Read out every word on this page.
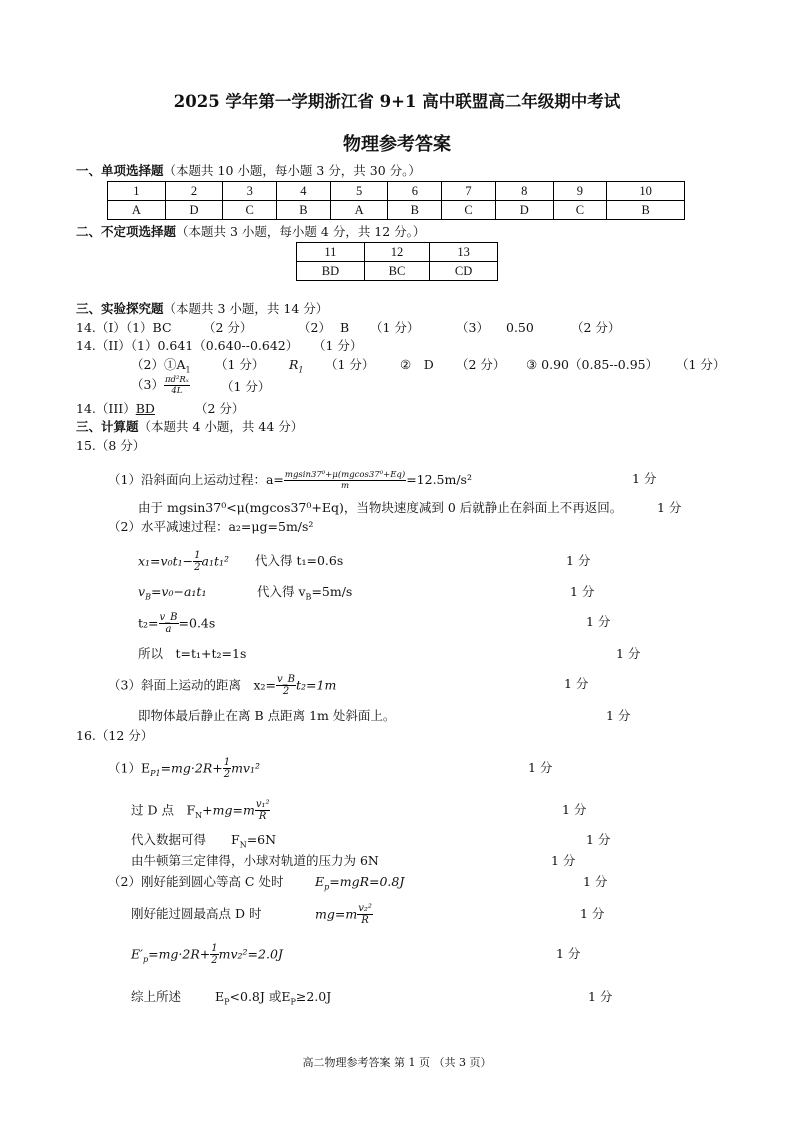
2025 学年第一学期浙江省 9+1 高中联盟高二年级期中考试
物理参考答案
一、单项选择题（本题共 10 小题，每小题 3 分，共 30 分。）
1	2	3	4	5	6	7	8	9	10
A	D	C	B	A	B	C	D	C	B
二、不定项选择题（本题共 3 小题，每小题 4 分，共 12 分。）
11	12	13
BD	BC	CD
三、实验探究题（本题共 3 小题，共 14 分）
14.（I）（1）BC	（2 分）	（2） B （1 分）	（3） 0.50	（2 分）
14.（II）（1）0.641（0.640--0.642） （1 分）
$(2)①A_1$ （1 分） $R_1$ （1 分） ②　D （2 分） ③ 0.90（0.85--0.95） （1 分）
$(3) \frac{\text{πd²Rₓ}}{4L} (1$ 分）
14.（III）BD	（2 分）
三、计算题（本题共 4 小题，共 44 分）
15.（8 分）
（1）沿斜面向上运动过程：$a= \frac{\text{mgsin37⁰+μ(mgcos37⁰+Eq)}}{m} =12.5m/s^2$	1 分
由于 mgsin37⁰<μ(mgcos37⁰+Eq)，当物块速度减到 0 后就静止在斜面上不再返回。	1 分
（2）水平减速过程：a₂=μg=5m/s²
$x_1=v_0t_1- \frac{1}{2} a_1t_1^2$ 代入得 t₁=0.6s	1 分
$v_B=v_0-a_1t_1$	代入得 $v_B=5m/s$	1 分
$t_2= \frac{v\_B}{a} =0.4s$	1 分
所以　t=t₁+t₂=1s	1 分
（3）斜面上运动的距离　$x_2= \frac{v\_B}{2} t_2=1m$	1 分
即物体最后静止在离 B 点距离 1m 处斜面上。	1 分
16.（12 分）
$(1)E_{P1}=mg\cdot 2R+ \frac{1}{2} mv_1^2$	1 分
过 D 点　$F_N+mg=m \frac{\text{v₁²}}{R}$	1 分
代入数据可得　　$F_N=6N$	1 分
由牛顿第三定律得，小球对轨道的压力为 6N	1 分
（2）刚好能到圆心等高 C 处时	$E_p=mgR=0.8J$	1 分
刚好能过圆最高点 D 时	$mg=m \frac{\text{v₂²}}{R}$	1 分
$E'_p=mg\cdot 2R+ \frac{1}{2} mv_2^2=2.0J$	1 分
综上所述	$E_P<0.8J$ 或$E_P\ge 2.0J$	1 分
高二物理参考答案 第 1 页 （共 3 页）
